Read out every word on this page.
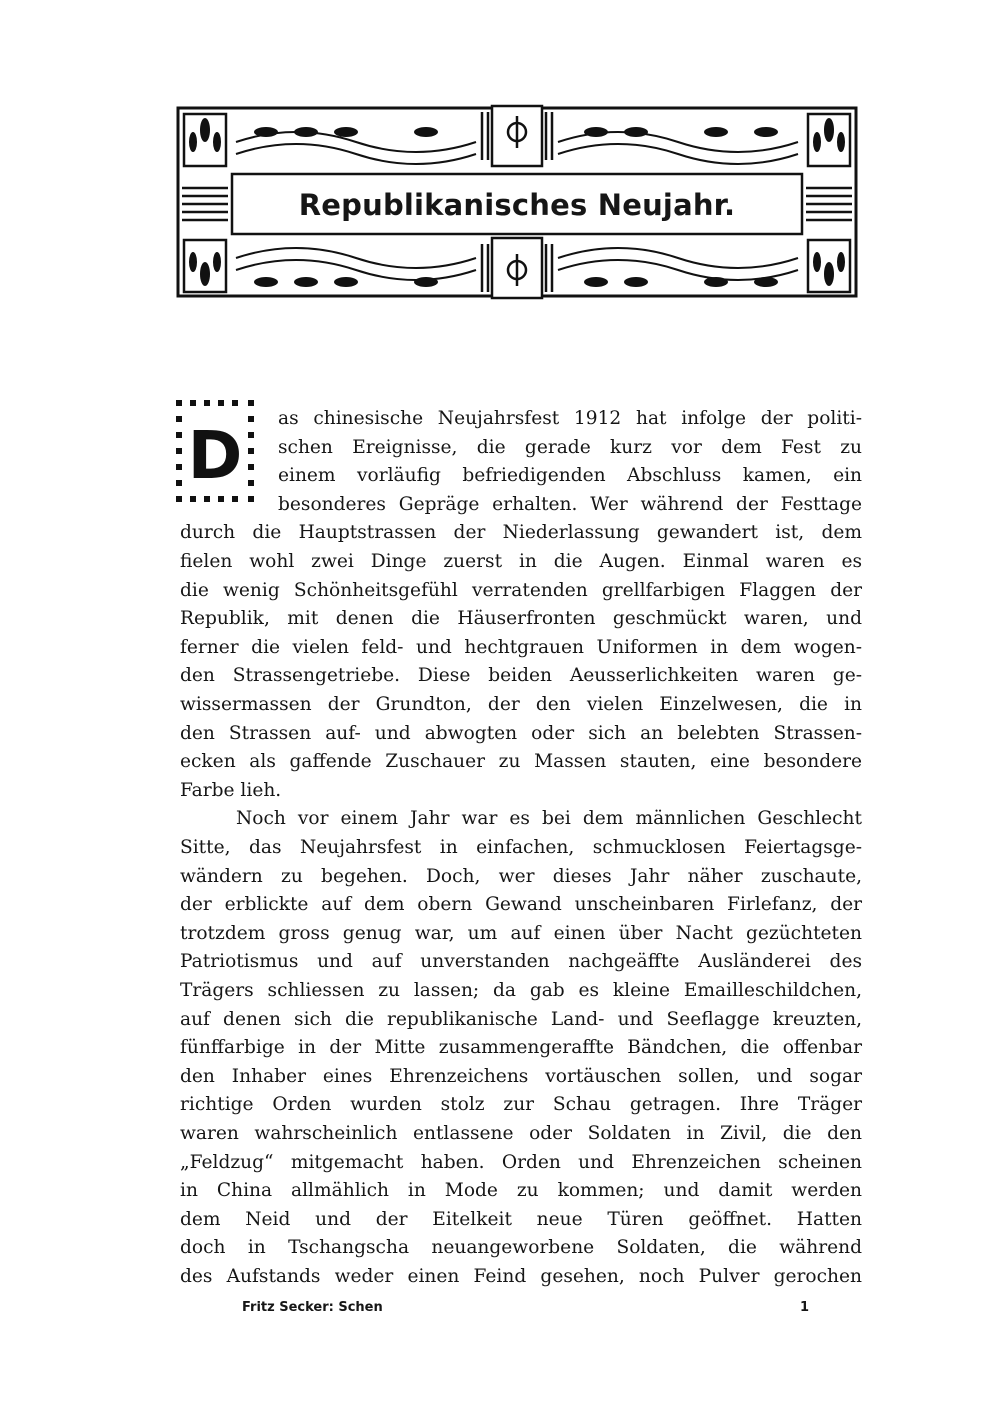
Republikanisches Neujahr.
D as chinesische Neujahrsfest 1912 hat infolge der politi-
schen Ereignisse, die gerade kurz vor dem Fest zu
einem vorläufig befriedigenden Abschluss kamen, ein
besonderes Gepräge erhalten. Wer während der Festtage
durch die Hauptstrassen der Niederlassung gewandert ist, dem
fielen wohl zwei Dinge zuerst in die Augen. Einmal waren es
die wenig Schönheitsgefühl verratenden grellfarbigen Flaggen der
Republik, mit denen die Häuserfronten geschmückt waren, und
ferner die vielen feld- und hechtgrauen Uniformen in dem wogen-
den Strassengetriebe. Diese beiden Aeusserlichkeiten waren ge-
wissermassen der Grundton, der den vielen Einzelwesen, die in
den Strassen auf- und abwogten oder sich an belebten Strassen-
ecken als gaffende Zuschauer zu Massen stauten, eine besondere
Farbe lieh.
Noch vor einem Jahr war es bei dem männlichen Geschlecht
Sitte, das Neujahrsfest in einfachen, schmucklosen Feiertagsge-
wändern zu begehen. Doch, wer dieses Jahr näher zuschaute,
der erblickte auf dem obern Gewand unscheinbaren Firlefanz, der
trotzdem gross genug war, um auf einen über Nacht gezüchteten
Patriotismus und auf unverstanden nachgeäffte Ausländerei des
Trägers schliessen zu lassen; da gab es kleine Emailleschildchen,
auf denen sich die republikanische Land- und Seeflagge kreuzten,
fünffarbige in der Mitte zusammengeraffte Bändchen, die offenbar
den Inhaber eines Ehrenzeichens vortäuschen sollen, und sogar
richtige Orden wurden stolz zur Schau getragen. Ihre Träger
waren wahrscheinlich entlassene oder Soldaten in Zivil, die den
„Feldzug“ mitgemacht haben. Orden und Ehrenzeichen scheinen
in China allmählich in Mode zu kommen; und damit werden
dem Neid und der Eitelkeit neue Türen geöffnet. Hatten
doch in Tschangscha neuangeworbene Soldaten, die während
des Aufstands weder einen Feind gesehen, noch Pulver gerochen
Fritz Secker: Schen	1
